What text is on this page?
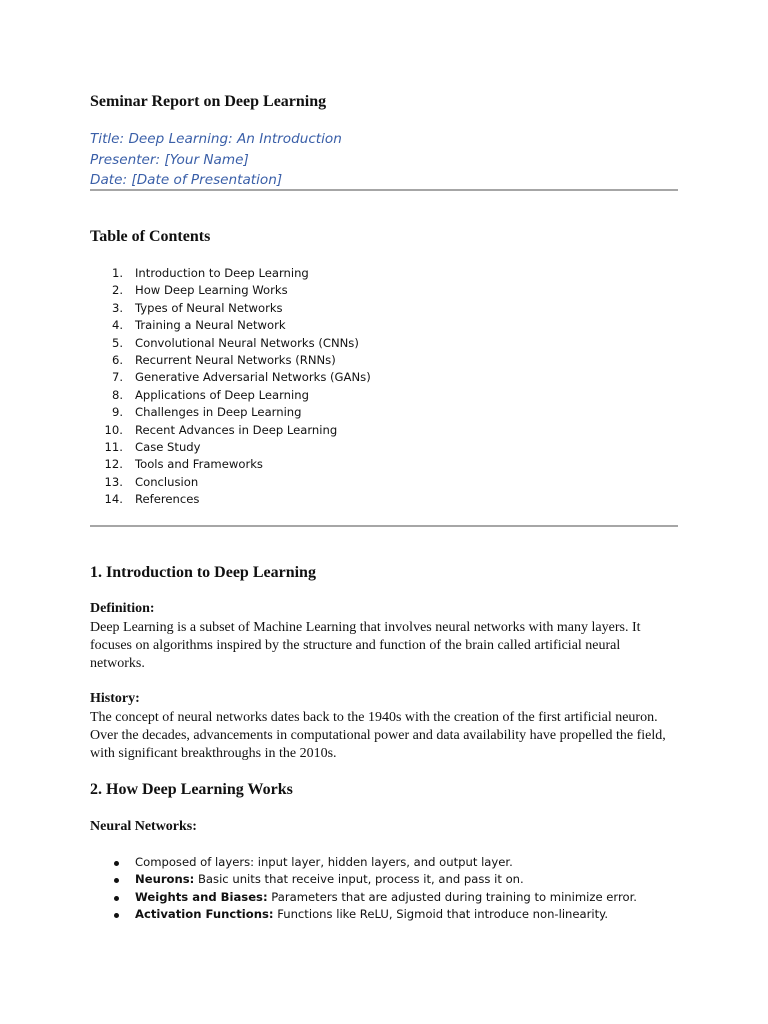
Seminar Report on Deep Learning
Title: Deep Learning: An Introduction
Presenter: [Your Name]
Date: [Date of Presentation]
Table of Contents
1. Introduction to Deep Learning
2. How Deep Learning Works
3. Types of Neural Networks
4. Training a Neural Network
5. Convolutional Neural Networks (CNNs)
6. Recurrent Neural Networks (RNNs)
7. Generative Adversarial Networks (GANs)
8. Applications of Deep Learning
9. Challenges in Deep Learning
10. Recent Advances in Deep Learning
11. Case Study
12. Tools and Frameworks
13. Conclusion
14. References
1. Introduction to Deep Learning
Definition:

Deep Learning is a subset of Machine Learning that involves neural networks with many layers. It focuses on algorithms inspired by the structure and function of the brain called artificial neural networks.

History:

The concept of neural networks dates back to the 1940s with the creation of the first artificial neuron. Over the decades, advancements in computational power and data availability have propelled the field, with significant breakthroughs in the 2010s.

2. How Deep Learning Works
Neural Networks:
Composed of layers: input layer, hidden layers, and output layer.
Neurons: Basic units that receive input, process it, and pass it on.
Weights and Biases: Parameters that are adjusted during training to minimize error.
Activation Functions: Functions like ReLU, Sigmoid that introduce non-linearity.
